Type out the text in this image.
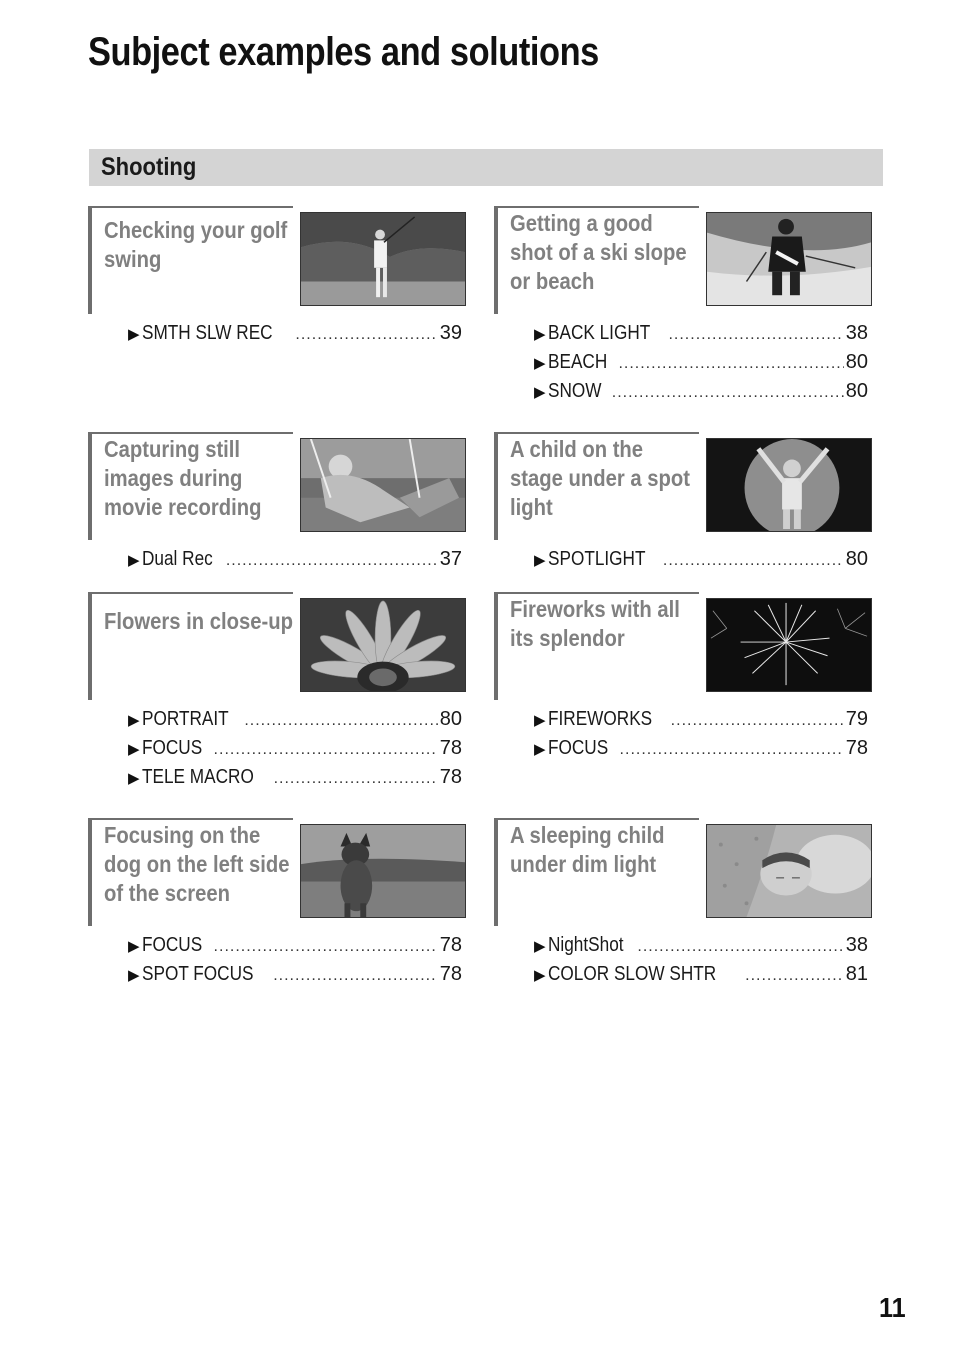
Subject examples and solutions
Shooting
Checking your golf swing
▶ SMTH SLW REC .....	39
Getting a good shot of a ski slope or beach
▶ BACK LIGHT .....	38
▶ BEACH .....	80
▶ SNOW .....	80
Capturing still images during movie recording
▶ Dual Rec .....	37
A child on the stage under a spot light
▶ SPOTLIGHT .....	80
Flowers in close-up
▶ PORTRAIT .....	80
▶ FOCUS .....	78
▶ TELE MACRO .....	78
Fireworks with all its splendor
▶ FIREWORKS .....	79
▶ FOCUS .....	78
Focusing on the dog on the left side of the screen
▶ FOCUS .....	78
▶ SPOT FOCUS .....	78
A sleeping child under dim light
▶ NightShot .....	38
▶ COLOR SLOW SHTR .....	81
11
